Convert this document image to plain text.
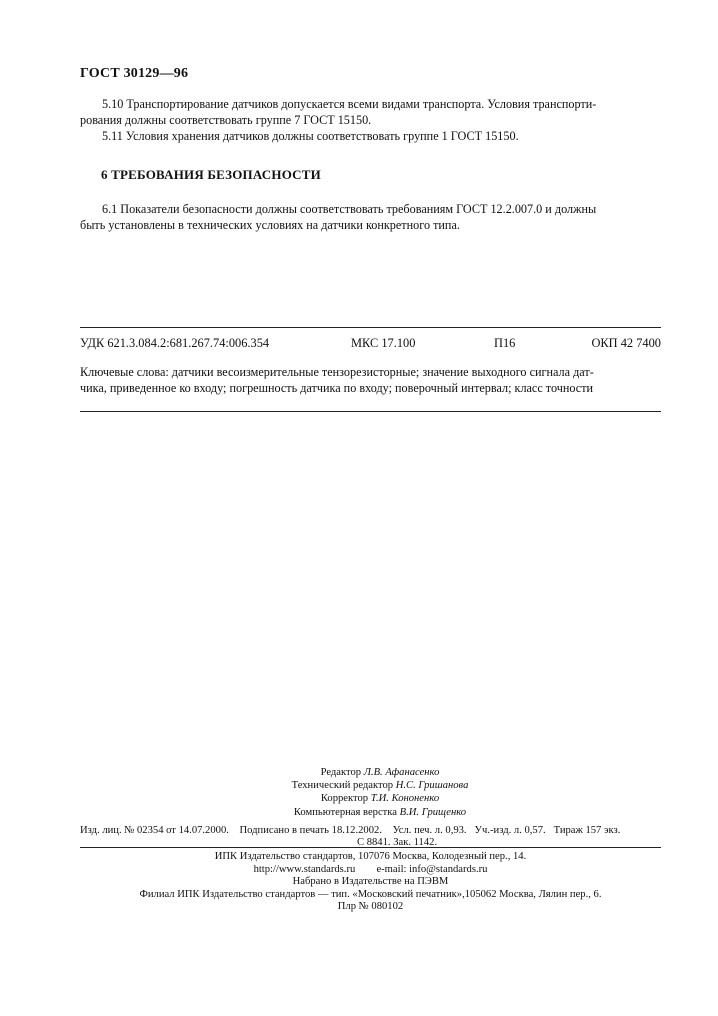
ГОСТ 30129—96
5.10 Транспортирование датчиков допускается всеми видами транспорта. Условия транспорти-
рования должны соответствовать группе 7 ГОСТ 15150.
5.11 Условия хранения датчиков должны соответствовать группе 1 ГОСТ 15150.
6 ТРЕБОВАНИЯ БЕЗОПАСНОСТИ
6.1 Показатели безопасности должны соответствовать требованиям ГОСТ 12.2.007.0 и должны
быть установлены в технических условиях на датчики конкретного типа.
УДК 621.3.084.2:681.267.74:006.354	МКС 17.100	П16	ОКП 42 7400
Ключевые слова: датчики весоизмерительные тензорезисторные; значение выходного сигнала дат-
чика, приведенное ко входу; погрешность датчика по входу; поверочный интервал; класс точности
Редактор Л.В. Афанасенко
Технический редактор Н.С. Гришанова
Корректор Т.И. Кононенко
Компьютерная верстка В.И. Грищенко
Изд. лиц. № 02354 от 14.07.2000. Подписано в печать 18.12.2002. Усл. печ. л. 0,93. Уч.-изд. л. 0,57. Тираж 157 экз.
С 8841. Зак. 1142.
ИПК Издательство стандартов, 107076 Москва, Колодезный пер., 14.
http://www.standards.ru        e-mail: info@standards.ru
Набрано в Издательстве на ПЭВМ
Филиал ИПК Издательство стандартов — тип. «Московский печатник»,105062 Москва, Лялин пер., 6.
Плр № 080102
